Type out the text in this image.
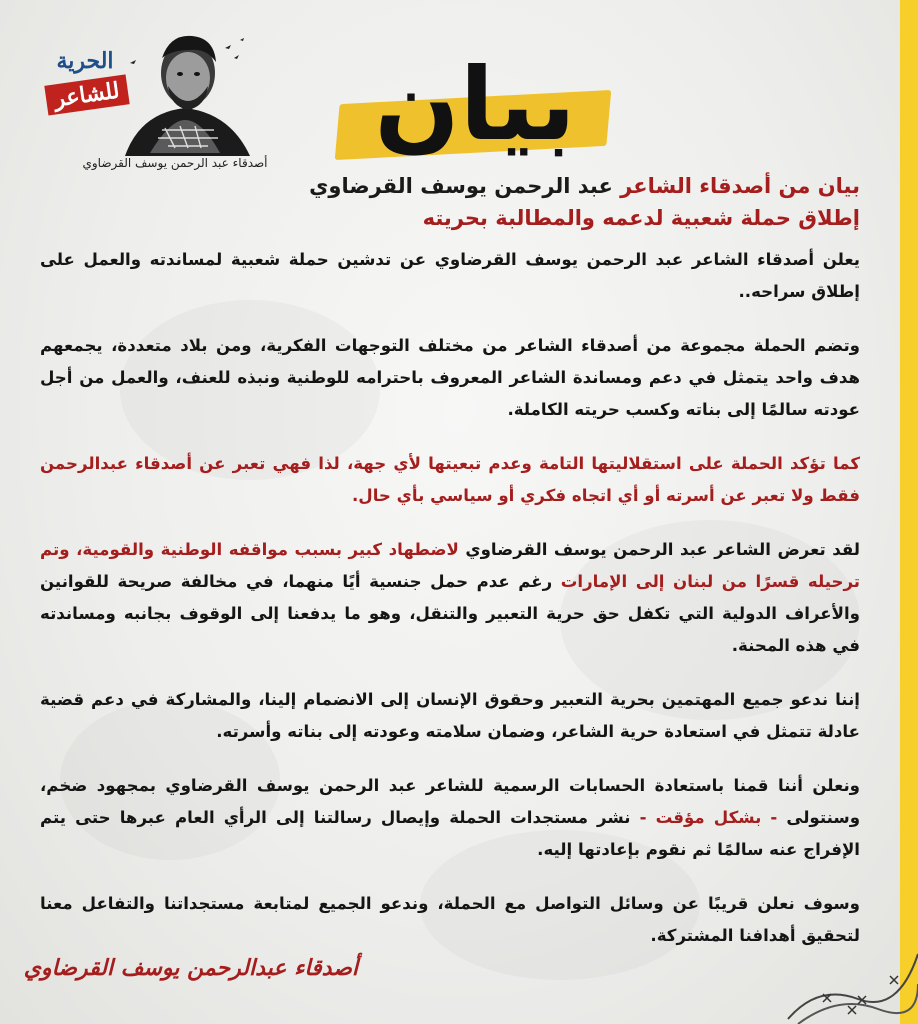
الحرية
للشاعر
أصدقاء عبد الرحمن يوسف القرضاوي	بيان

بيان من أصدقاء الشاعر عبد الرحمن يوسف القرضاوي

إطلاق حملة شعبية لدعمه والمطالبة بحريته

يعلن أصدقاء الشاعر عبد الرحمن يوسف القرضاوي عن تدشين حملة شعبية لمساندته والعمل على إطلاق سراحه..

وتضم الحملة مجموعة من أصدقاء الشاعر من مختلف التوجهات الفكرية، ومن بلاد متعددة، يجمعهم هدف واحد يتمثل في دعم ومساندة الشاعر المعروف باحترامه للوطنية ونبذه للعنف، والعمل من أجل عودته سالمًا إلى بناته وكسب حريته الكاملة.

كما تؤكد الحملة على استقلاليتها التامة وعدم تبعيتها لأي جهة، لذا فهي تعبر عن أصدقاء عبدالرحمن فقط ولا تعبر عن أسرته أو أي اتجاه فكري أو سياسي بأي حال.

لقد تعرض الشاعر عبد الرحمن يوسف القرضاوي لاضطهاد كبير بسبب مواقفه الوطنية والقومية، وتم ترحيله قسرًا من لبنان إلى الإمارات رغم عدم حمل جنسية أيًا منهما، في مخالفة صريحة للقوانين والأعراف الدولية التي تكفل حق حرية التعبير والتنقل، وهو ما يدفعنا إلى الوقوف بجانبه ومساندته في هذه المحنة.

إننا ندعو جميع المهتمين بحرية التعبير وحقوق الإنسان إلى الانضمام إلينا، والمشاركة في دعم قضية عادلة تتمثل في استعادة حرية الشاعر، وضمان سلامته وعودته إلى بناته وأسرته.

ونعلن أننا قمنا باستعادة الحسابات الرسمية للشاعر عبد الرحمن يوسف القرضاوي بمجهود ضخم، وسنتولى - بشكل مؤقت - نشر مستجدات الحملة وإيصال رسالتنا إلى الرأي العام عبرها حتى يتم الإفراج عنه سالمًا ثم نقوم بإعادتها إليه.

وسوف نعلن قريبًا عن وسائل التواصل مع الحملة، وندعو الجميع لمتابعة مستجداتنا والتفاعل معنا لتحقيق أهدافنا المشتركة.

أصدقاء عبدالرحمن يوسف القرضاوي
